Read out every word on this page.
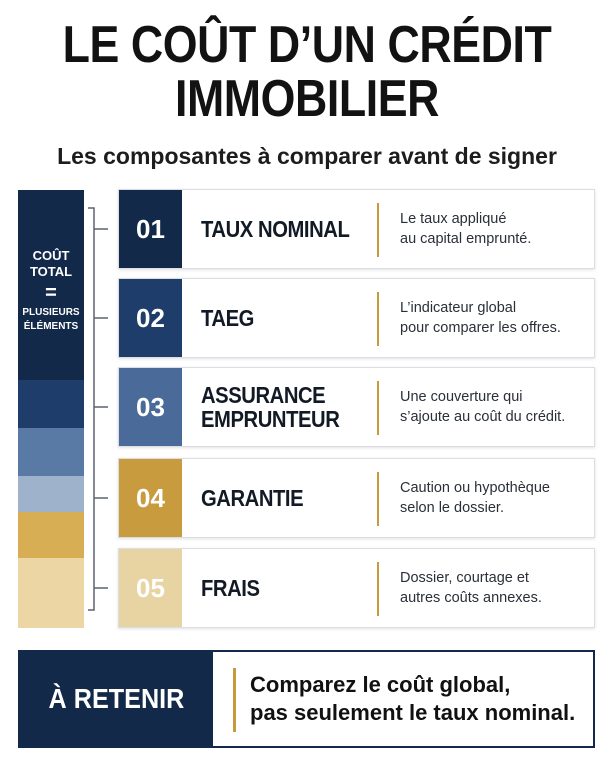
LE COÛT D’UN CRÉDIT
IMMOBILIER
Les composantes à comparer avant de signer
COÛT
TOTAL
=
PLUSIEURS
ÉLÉMENTS
01	TAUX NOMINAL	Le taux appliqué
au capital emprunté.
02	TAEG	L’indicateur global
pour comparer les offres.
03	ASSURANCE
EMPRUNTEUR
Une couverture qui
s’ajoute au coût du crédit.
04	GARANTIE	Caution ou hypothèque
selon le dossier.
05	FRAIS	Dossier, courtage et
autres coûts annexes.
À RETENIR	Comparez le coût global,
pas seulement le taux nominal.
